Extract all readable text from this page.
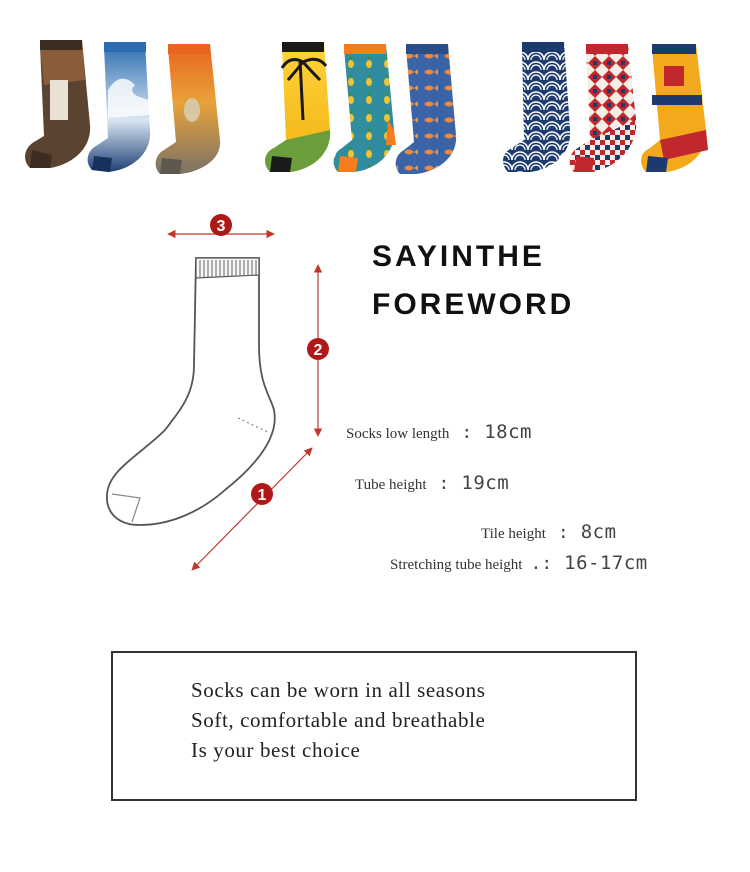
3
2
1
SAYINTHE
FOREWORD
Socks low length : 18cm
Tube height : 19cm
Tile height : 8cm
Stretching tube height .: 16-17cm
Socks can be worn in all seasons
Soft, comfortable and breathable
Is your best choice
